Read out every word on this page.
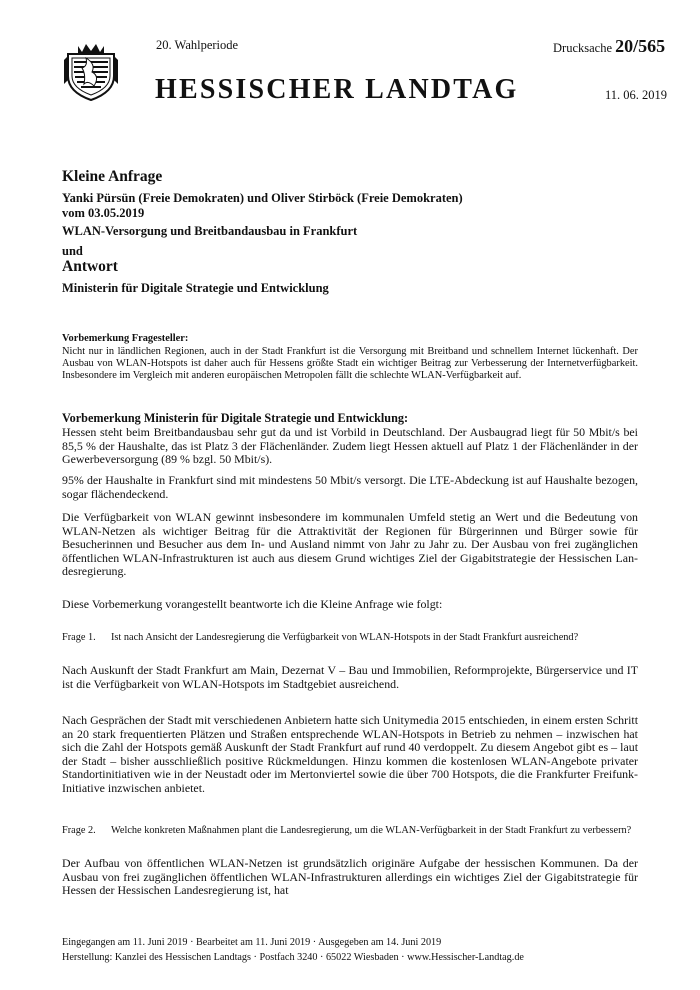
20. Wahlperiode	Drucksache 20/565
HESSISCHER LANDTAG	11. 06. 2019
Kleine Anfrage
Yanki Pürsün (Freie Demokraten) und Oliver Stirböck (Freie Demokraten)
vom 03.05.2019
WLAN-Versorgung und Breitbandausbau in Frankfurt
und
Antwort
Ministerin für Digitale Strategie und Entwicklung
Vorbemerkung Fragesteller:
Nicht nur in ländlichen Regionen, auch in der Stadt Frankfurt ist die Versorgung mit Breitband und schnellem Internet lückenhaft. Der Ausbau von WLAN-Hotspots ist daher auch für Hessens größte Stadt ein wichtiger Beitrag zur Verbesserung der Internetverfügbarkeit. Insbesondere im Vergleich mit anderen europäischen Metropolen fällt die schlechte WLAN-Verfügbarkeit auf.
Vorbemerkung Ministerin für Digitale Strategie und Entwicklung:
Hessen steht beim Breitbandausbau sehr gut da und ist Vorbild in Deutschland. Der Ausbaugrad liegt für 50 Mbit/s bei 85,5 % der Haushalte, das ist Platz 3 der Flächenländer. Zudem liegt Hessen aktuell auf Platz 1 der Flächenländer in der Gewerbeversorgung (89 % bzgl. 50 Mbit/s).
95% der Haushalte in Frankfurt sind mit mindestens 50 Mbit/s versorgt. Die LTE-Abdeckung ist auf Haushalte bezogen, sogar flächendeckend.
Die Verfügbarkeit von WLAN gewinnt insbesondere im kommunalen Umfeld stetig an Wert und die Bedeutung von WLAN-Netzen als wichtiger Beitrag für die Attraktivität der Regionen für Bürgerinnen und Bürger sowie für Besucherinnen und Besucher aus dem In- und Ausland nimmt von Jahr zu Jahr zu. Der Ausbau von frei zugänglichen öffentlichen WLAN-Infrastrukturen ist auch aus diesem Grund wichtiges Ziel der Gigabitstrategie der Hessischen Landesregierung.
Diese Vorbemerkung vorangestellt beantworte ich die Kleine Anfrage wie folgt:
Frage 1.	Ist nach Ansicht der Landesregierung die Verfügbarkeit von WLAN-Hotspots in der Stadt Frankfurt ausreichend?
Nach Auskunft der Stadt Frankfurt am Main, Dezernat V – Bau und Immobilien, Reformprojekte, Bürgerservice und IT ist die Verfügbarkeit von WLAN-Hotspots im Stadtgebiet ausreichend.
Nach Gesprächen der Stadt mit verschiedenen Anbietern hatte sich Unitymedia 2015 entschieden, in einem ersten Schritt an 20 stark frequentierten Plätzen und Straßen entsprechende WLAN-Hotspots in Betrieb zu nehmen – inzwischen hat sich die Zahl der Hotspots gemäß Auskunft der Stadt Frankfurt auf rund 40 verdoppelt. Zu diesem Angebot gibt es – laut der Stadt – bisher ausschließlich positive Rückmeldungen. Hinzu kommen die kostenlosen WLAN-Angebote privater Standortinitiativen wie in der Neustadt oder im Mertonviertel sowie die über 700 Hotspots, die die Frankfurter Freifunk-Initiative inzwischen anbietet.
Frage 2.	Welche konkreten Maßnahmen plant die Landesregierung, um die WLAN-Verfügbarkeit in der Stadt Frankfurt zu verbessern?
Der Aufbau von öffentlichen WLAN-Netzen ist grundsätzlich originäre Aufgabe der hessischen Kommunen. Da der Ausbau von frei zugänglichen öffentlichen WLAN-Infrastrukturen allerdings ein wichtiges Ziel der Gigabitstrategie für Hessen der Hessischen Landesregierung ist, hat
Eingegangen am 11. Juni 2019 · Bearbeitet am 11. Juni 2019 · Ausgegeben am 14. Juni 2019
Herstellung: Kanzlei des Hessischen Landtags · Postfach 3240 · 65022 Wiesbaden · www.Hessischer-Landtag.de
